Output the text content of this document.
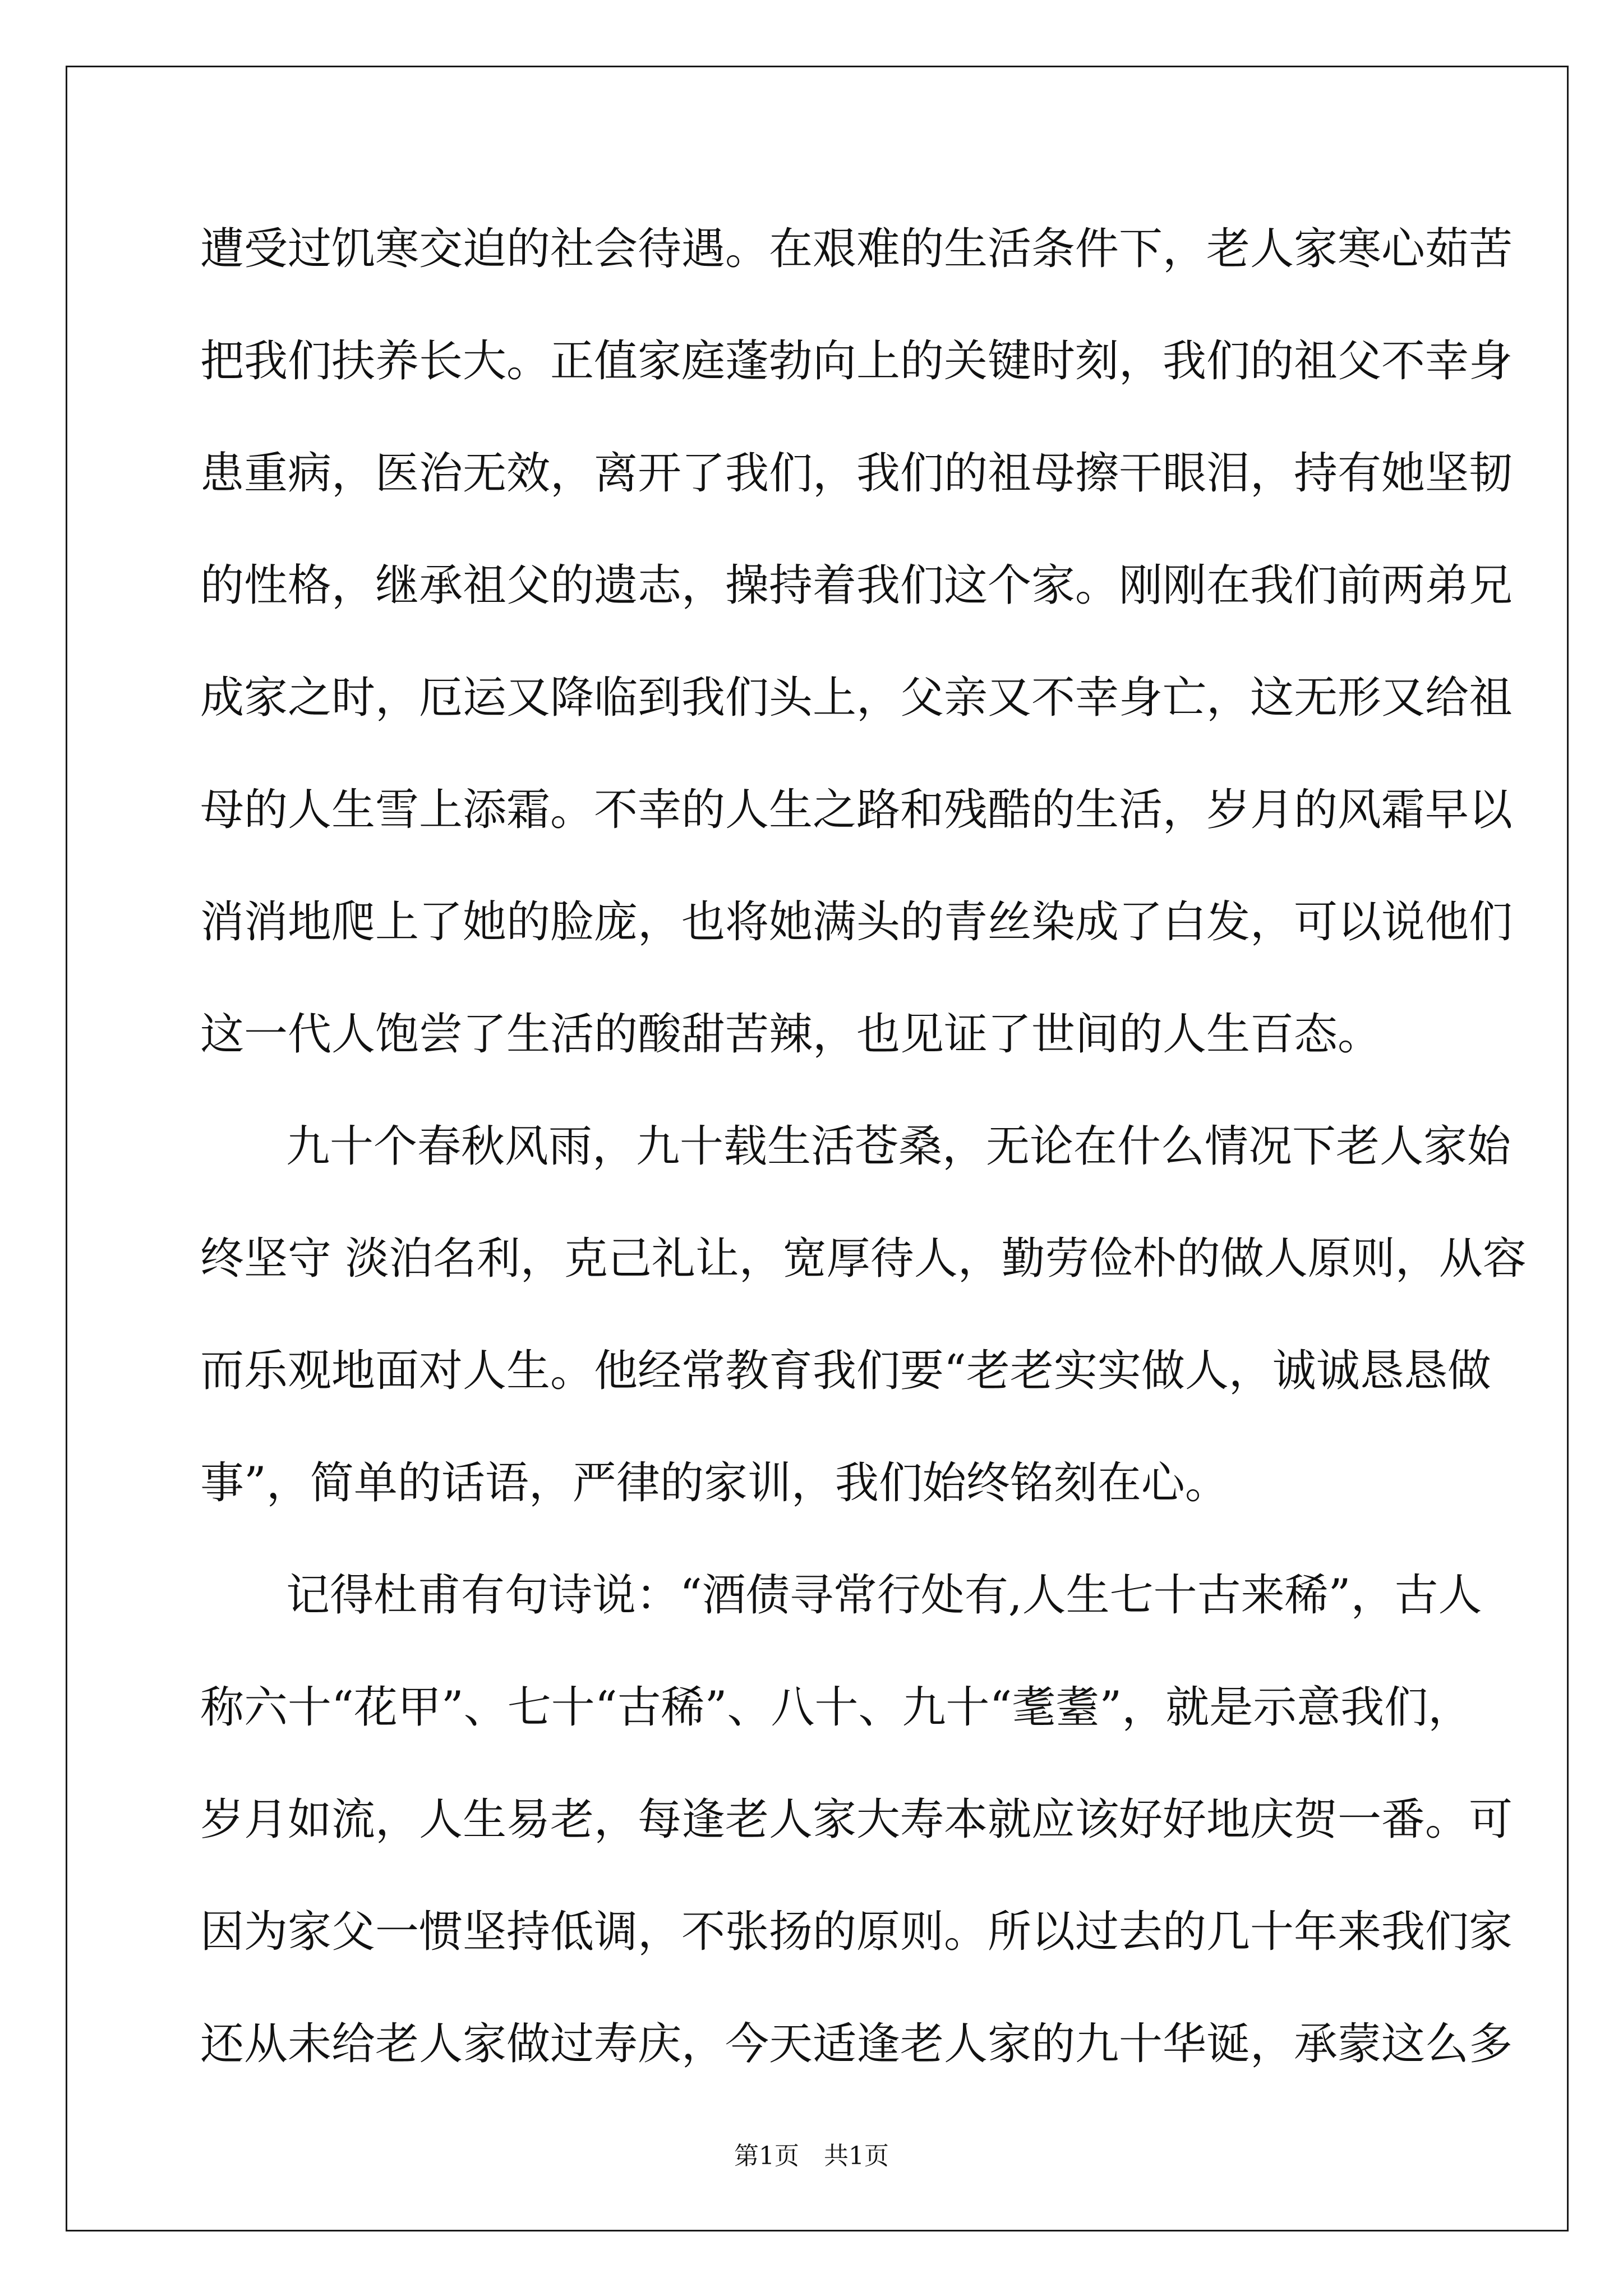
遭受过饥寒交迫的社会待遇。在艰难的生活条件下，老人家寒心茹苦
把我们扶养长大。正值家庭蓬勃向上的关键时刻，我们的祖父不幸身
患重病，医治无效，离开了我们，我们的祖母擦干眼泪，持有她坚韧
的性格，继承祖父的遗志，操持着我们这个家。刚刚在我们前两弟兄
成家之时，厄运又降临到我们头上，父亲又不幸身亡，这无形又给祖
母的人生雪上添霜。不幸的人生之路和残酷的生活，岁月的风霜早以
消消地爬上了她的脸庞，也将她满头的青丝染成了白发，可以说他们
这一代人饱尝了生活的酸甜苦辣，也见证了世间的人生百态。
九十个春秋风雨，九十载生活苍桑，无论在什么情况下老人家始
终坚守 淡泊名利，克己礼让，宽厚待人，勤劳俭朴的做人原则，从容
而乐观地面对人生。他经常教育我们要“老老实实做人，诚诚恳恳做
事”，简单的话语，严律的家训，我们始终铭刻在心。
记得杜甫有句诗说：“酒债寻常行处有,人生七十古来稀”，古人
称六十“花甲”、七十“古稀”、八十、九十“耄耋”，就是示意我们，
岁月如流，人生易老，每逢老人家大寿本就应该好好地庆贺一番。可
因为家父一惯坚持低调，不张扬的原则。所以过去的几十年来我们家
还从未给老人家做过寿庆，今天适逢老人家的九十华诞，承蒙这么多
第1页　共1页
